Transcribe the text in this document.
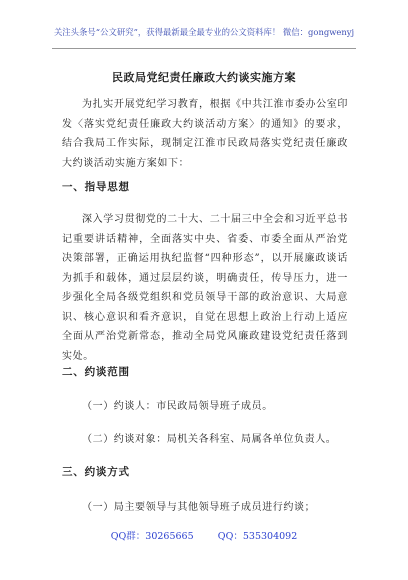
关注头条号“公文研究”，获得最新最全最专业的公文资料库！ 微信：gongwenyj
民政局党纪责任廉政大约谈实施方案

为扎实开展党纪学习教育，根据《中共江淮市委办公室印发〈落实党纪责任廉政大约谈活动方案〉的通知》的要求，结合我局工作实际，现制定江淮市民政局落实党纪责任廉政大约谈活动实施方案如下：

一、指导思想

深入学习贯彻党的二十大、二十届三中全会和习近平总书记重要讲话精神，全面落实中央、省委、市委全面从严治党决策部署，正确运用执纪监督“四种形态”，以开展廉政谈话为抓手和载体，通过层层约谈，明确责任，传导压力，进一步强化全局各级党组织和党员领导干部的政治意识、大局意识、核心意识和看齐意识，自觉在思想上政治上行动上适应全面从严治党新常态，推动全局党风廉政建设党纪责任落到实处。

二、约谈范围
（一）约谈人：市民政局领导班子成员。
（二）约谈对象：局机关各科室、局属各单位负责人。
三、约谈方式
（一）局主要领导与其他领导班子成员进行约谈；
QQ群：30265665        QQ：535304092
